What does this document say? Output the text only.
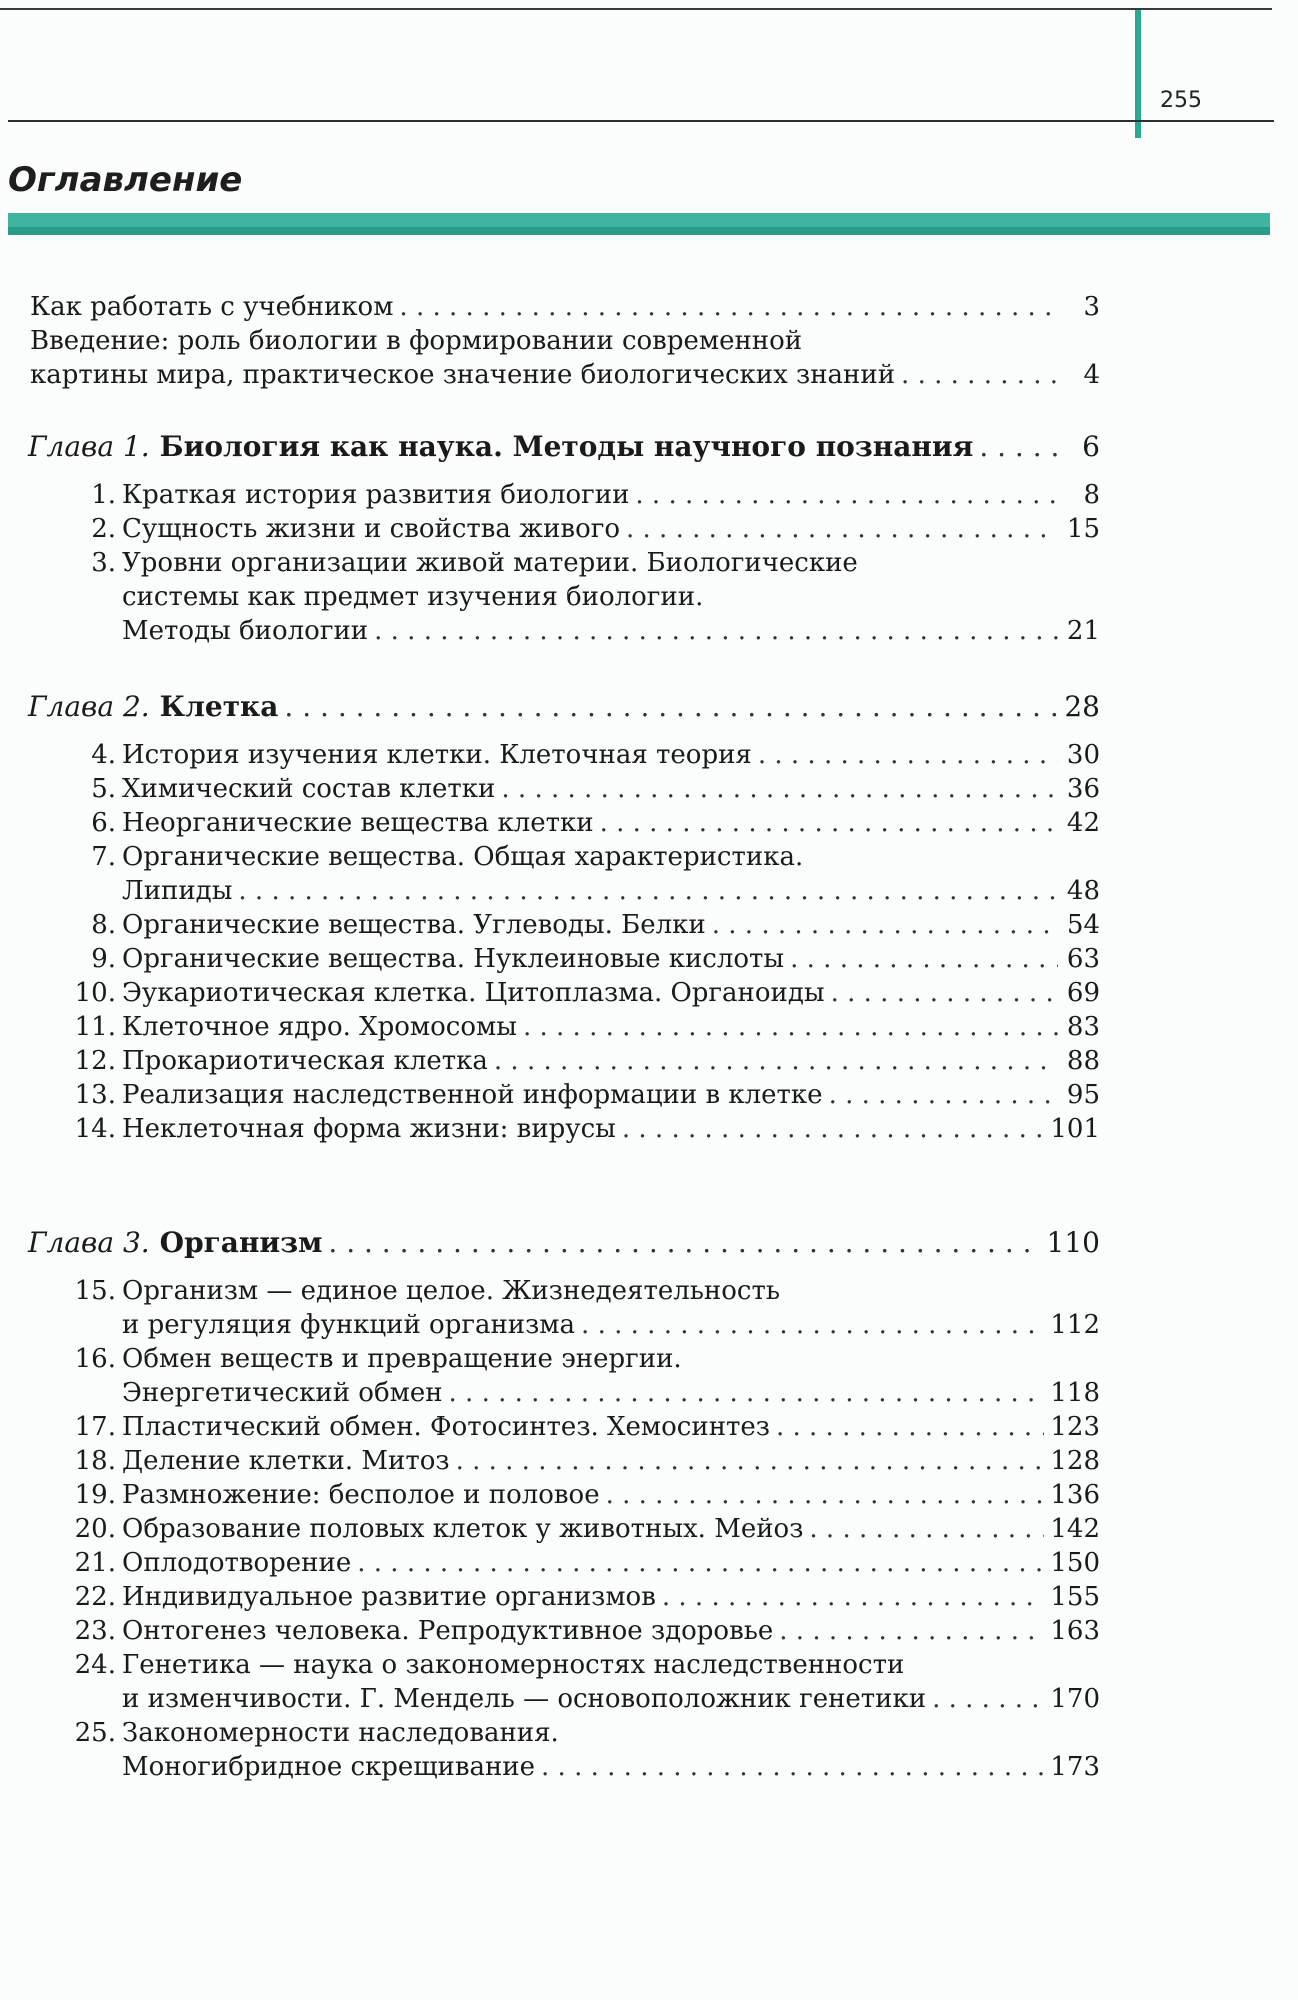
255
Оглавление
Как работать с учебником . . .	3
Введение: роль биологии в формировании современной
картины мира, практическое значение биологических знаний . . .	4
Глава 1. Биология как наука. Методы научного познания . . .	6
1. Краткая история развития биологии . . .	8
2. Сущность жизни и свойства живого . . .	15
3. Уровни организации живой материи. Биологические
системы как предмет изучения биологии.
Методы биологии . . .	21
Глава 2. Клетка . . .	28
4. История изучения клетки. Клеточная теория . . .	30
5. Химический состав клетки . . .	36
6. Неорганические вещества клетки . . .	42
7. Органические вещества. Общая характеристика.
Липиды . . .	48
8. Органические вещества. Углеводы. Белки . . .	54
9. Органические вещества. Нуклеиновые кислоты . . .	63
10. Эукариотическая клетка. Цитоплазма. Органоиды . . .	69
11. Клеточное ядро. Хромосомы . . .	83
12. Прокариотическая клетка . . .	88
13. Реализация наследственной информации в клетке . . .	95
14. Неклеточная форма жизни: вирусы . . .	101
Глава 3. Организм . . .	110
15. Организм — единое целое. Жизнедеятельность
и регуляция функций организма . . .	112
16. Обмен веществ и превращение энергии.
Энергетический обмен . . .	118
17. Пластический обмен. Фотосинтез. Хемосинтез . . .	123
18. Деление клетки. Митоз . . .	128
19. Размножение: бесполое и половое . . .	136
20. Образование половых клеток у животных. Мейоз . . .	142
21. Оплодотворение . . .	150
22. Индивидуальное развитие организмов . . .	155
23. Онтогенез человека. Репродуктивное здоровье . . .	163
24. Генетика — наука о закономерностях наследственности
и изменчивости. Г. Мендель — основоположник генетики . . .	170
25. Закономерности наследования.
Моногибридное скрещивание . . .	173
